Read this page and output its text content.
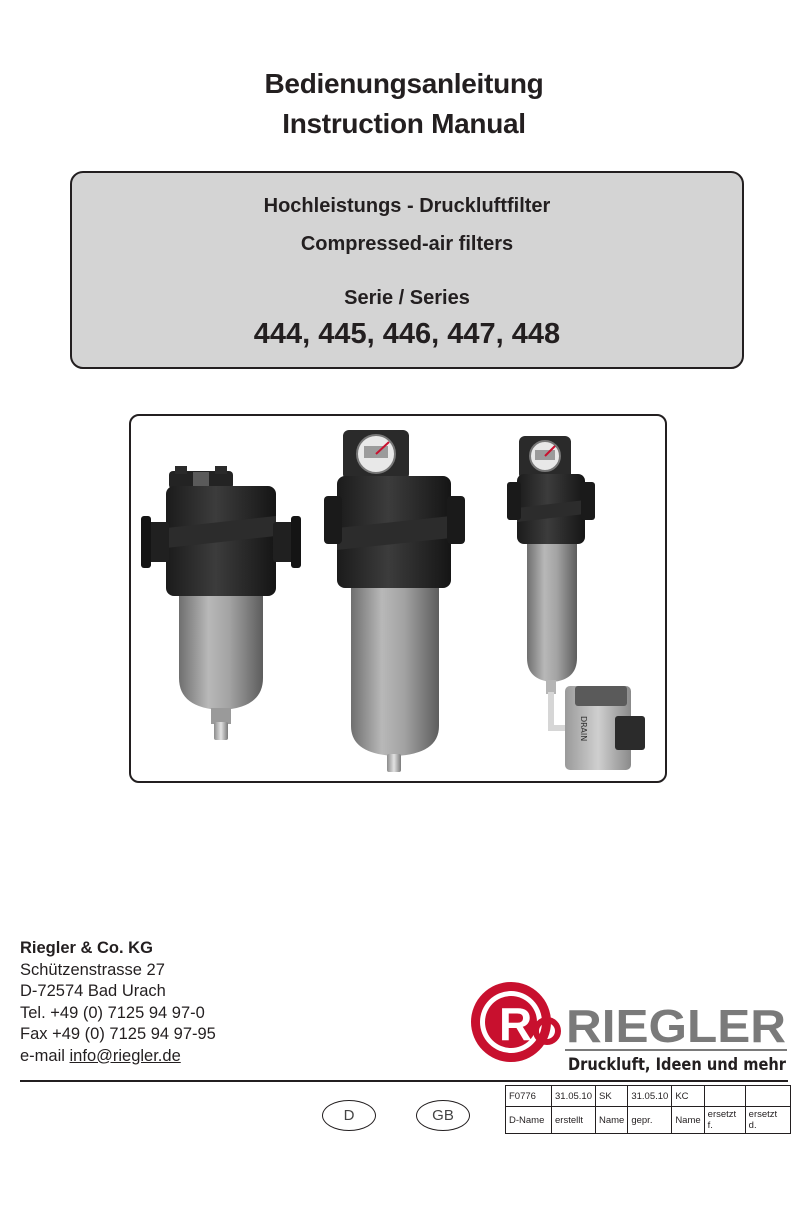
Bedienungsanleitung
Instruction Manual
Hochleistungs - Druckluftfilter
Compressed-air filters
Serie / Series
444, 445, 446, 447, 448
DRAIN
Riegler & Co. KG
Schützenstrasse 27
D-72574 Bad Urach
Tel. +49 (0) 7125 94 97-0
Fax +49 (0) 7125 94 97-95
e-mail info@riegler.de
R RIEGLER
Druckluft, Ideen und mehr
D	GB
F0776	31.05.10	SK	31.05.10	KC		
D-Name	erstellt	Name	gepr.	Name	ersetzt f.	ersetzt d.
